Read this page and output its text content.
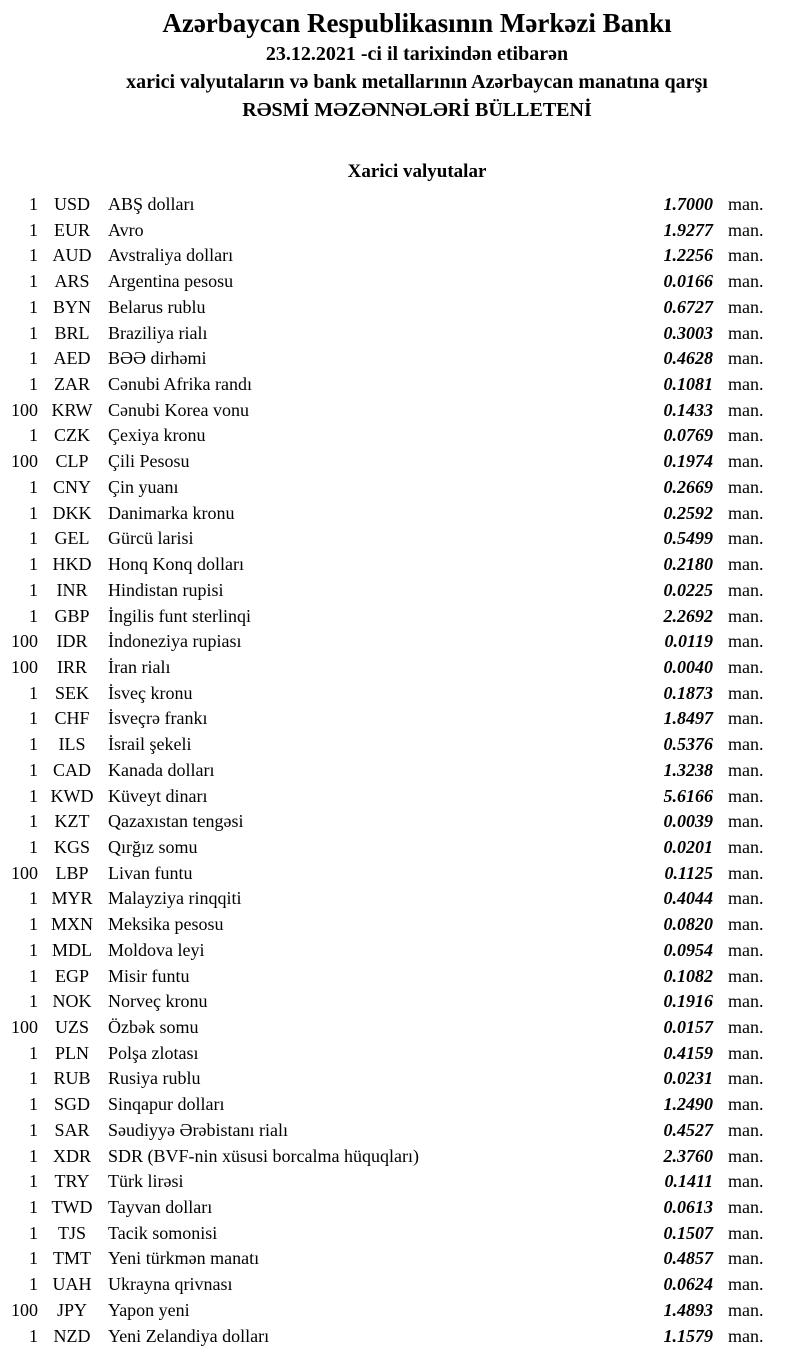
Azərbaycan Respublikasının Mərkəzi Bankı
23.12.2021 -ci il tarixindən etibarən
xarici valyutaların və bank metallarının Azərbaycan manatına qarşı
RƏSMİ MƏZƏNNƏLƏRİ BÜLLETENİ
Xarici valyutalar
1 USD	ABŞ dolları	1.7000 man.
1 EUR	Avro	1.9277 man.
1 AUD Avstraliya dolları	1.2256 man.
1 ARS	Argentina pesosu	0.0166 man.
1 BYN Belarus rublu	0.6727 man.
1 BRL	Braziliya rialı	0.3003 man.
1 AED BƏƏ dirhəmi	0.4628 man.
1 ZAR	Cənubi Afrika randı	0.1081 man.
100 KRW Cənubi Korea vonu	0.1433 man.
1 CZK	Çexiya kronu	0.0769 man.
100 CLP	Çili Pesosu	0.1974 man.
1 CNY Çin yuanı	0.2669 man.
1 DKK Danimarka kronu	0.2592 man.
1 GEL	Gürcü larisi	0.5499 man.
1 HKD Honq Konq dolları	0.2180 man.
1	INR	Hindistan rupisi	0.0225 man.
1 GBP	İngilis funt sterlinqi	2.2692 man.
100	IDR	İndoneziya rupiası	0.0119 man.
100	IRR	İran rialı	0.0040 man.
1 SEK	İsveç kronu	0.1873 man.
1 CHF	İsveçrə frankı	1.8497 man.
1	ILS	İsrail şekeli	0.5376 man.
1 CAD Kanada dolları	1.3238 man.
1 KWD Küveyt dinarı	5.6166 man.
1 KZT	Qazaxıstan tengəsi	0.0039 man.
1 KGS	Qırğız somu	0.0201 man.
100 LBP	Livan funtu	0.1125 man.
1 MYR Malayziya rinqqiti	0.4044 man.
1 MXN Meksika pesosu	0.0820 man.
1 MDL Moldova leyi	0.0954 man.
1 EGP	Misir funtu	0.1082 man.
1 NOK Norveç kronu	0.1916 man.
100 UZS	Özbək somu	0.0157 man.
1 PLN	Polşa zlotası	0.4159 man.
1 RUB Rusiya rublu	0.0231 man.
1 SGD	Sinqapur dolları	1.2490 man.
1 SAR	Səudiyyə Ərəbistanı rialı	0.4527 man.
1 XDR SDR (BVF-nin xüsusi borcalma hüquqları)	2.3760 man.
1 TRY	Türk lirəsi	0.1411 man.
1 TWD Tayvan dolları	0.0613 man.
1	TJS	Tacik somonisi	0.1507 man.
1 TMT Yeni türkmən manatı	0.4857 man.
1 UAH Ukrayna qrivnası	0.0624 man.
100	JPY	Yapon yeni	1.4893 man.
1 NZD Yeni Zelandiya dolları	1.1579 man.
